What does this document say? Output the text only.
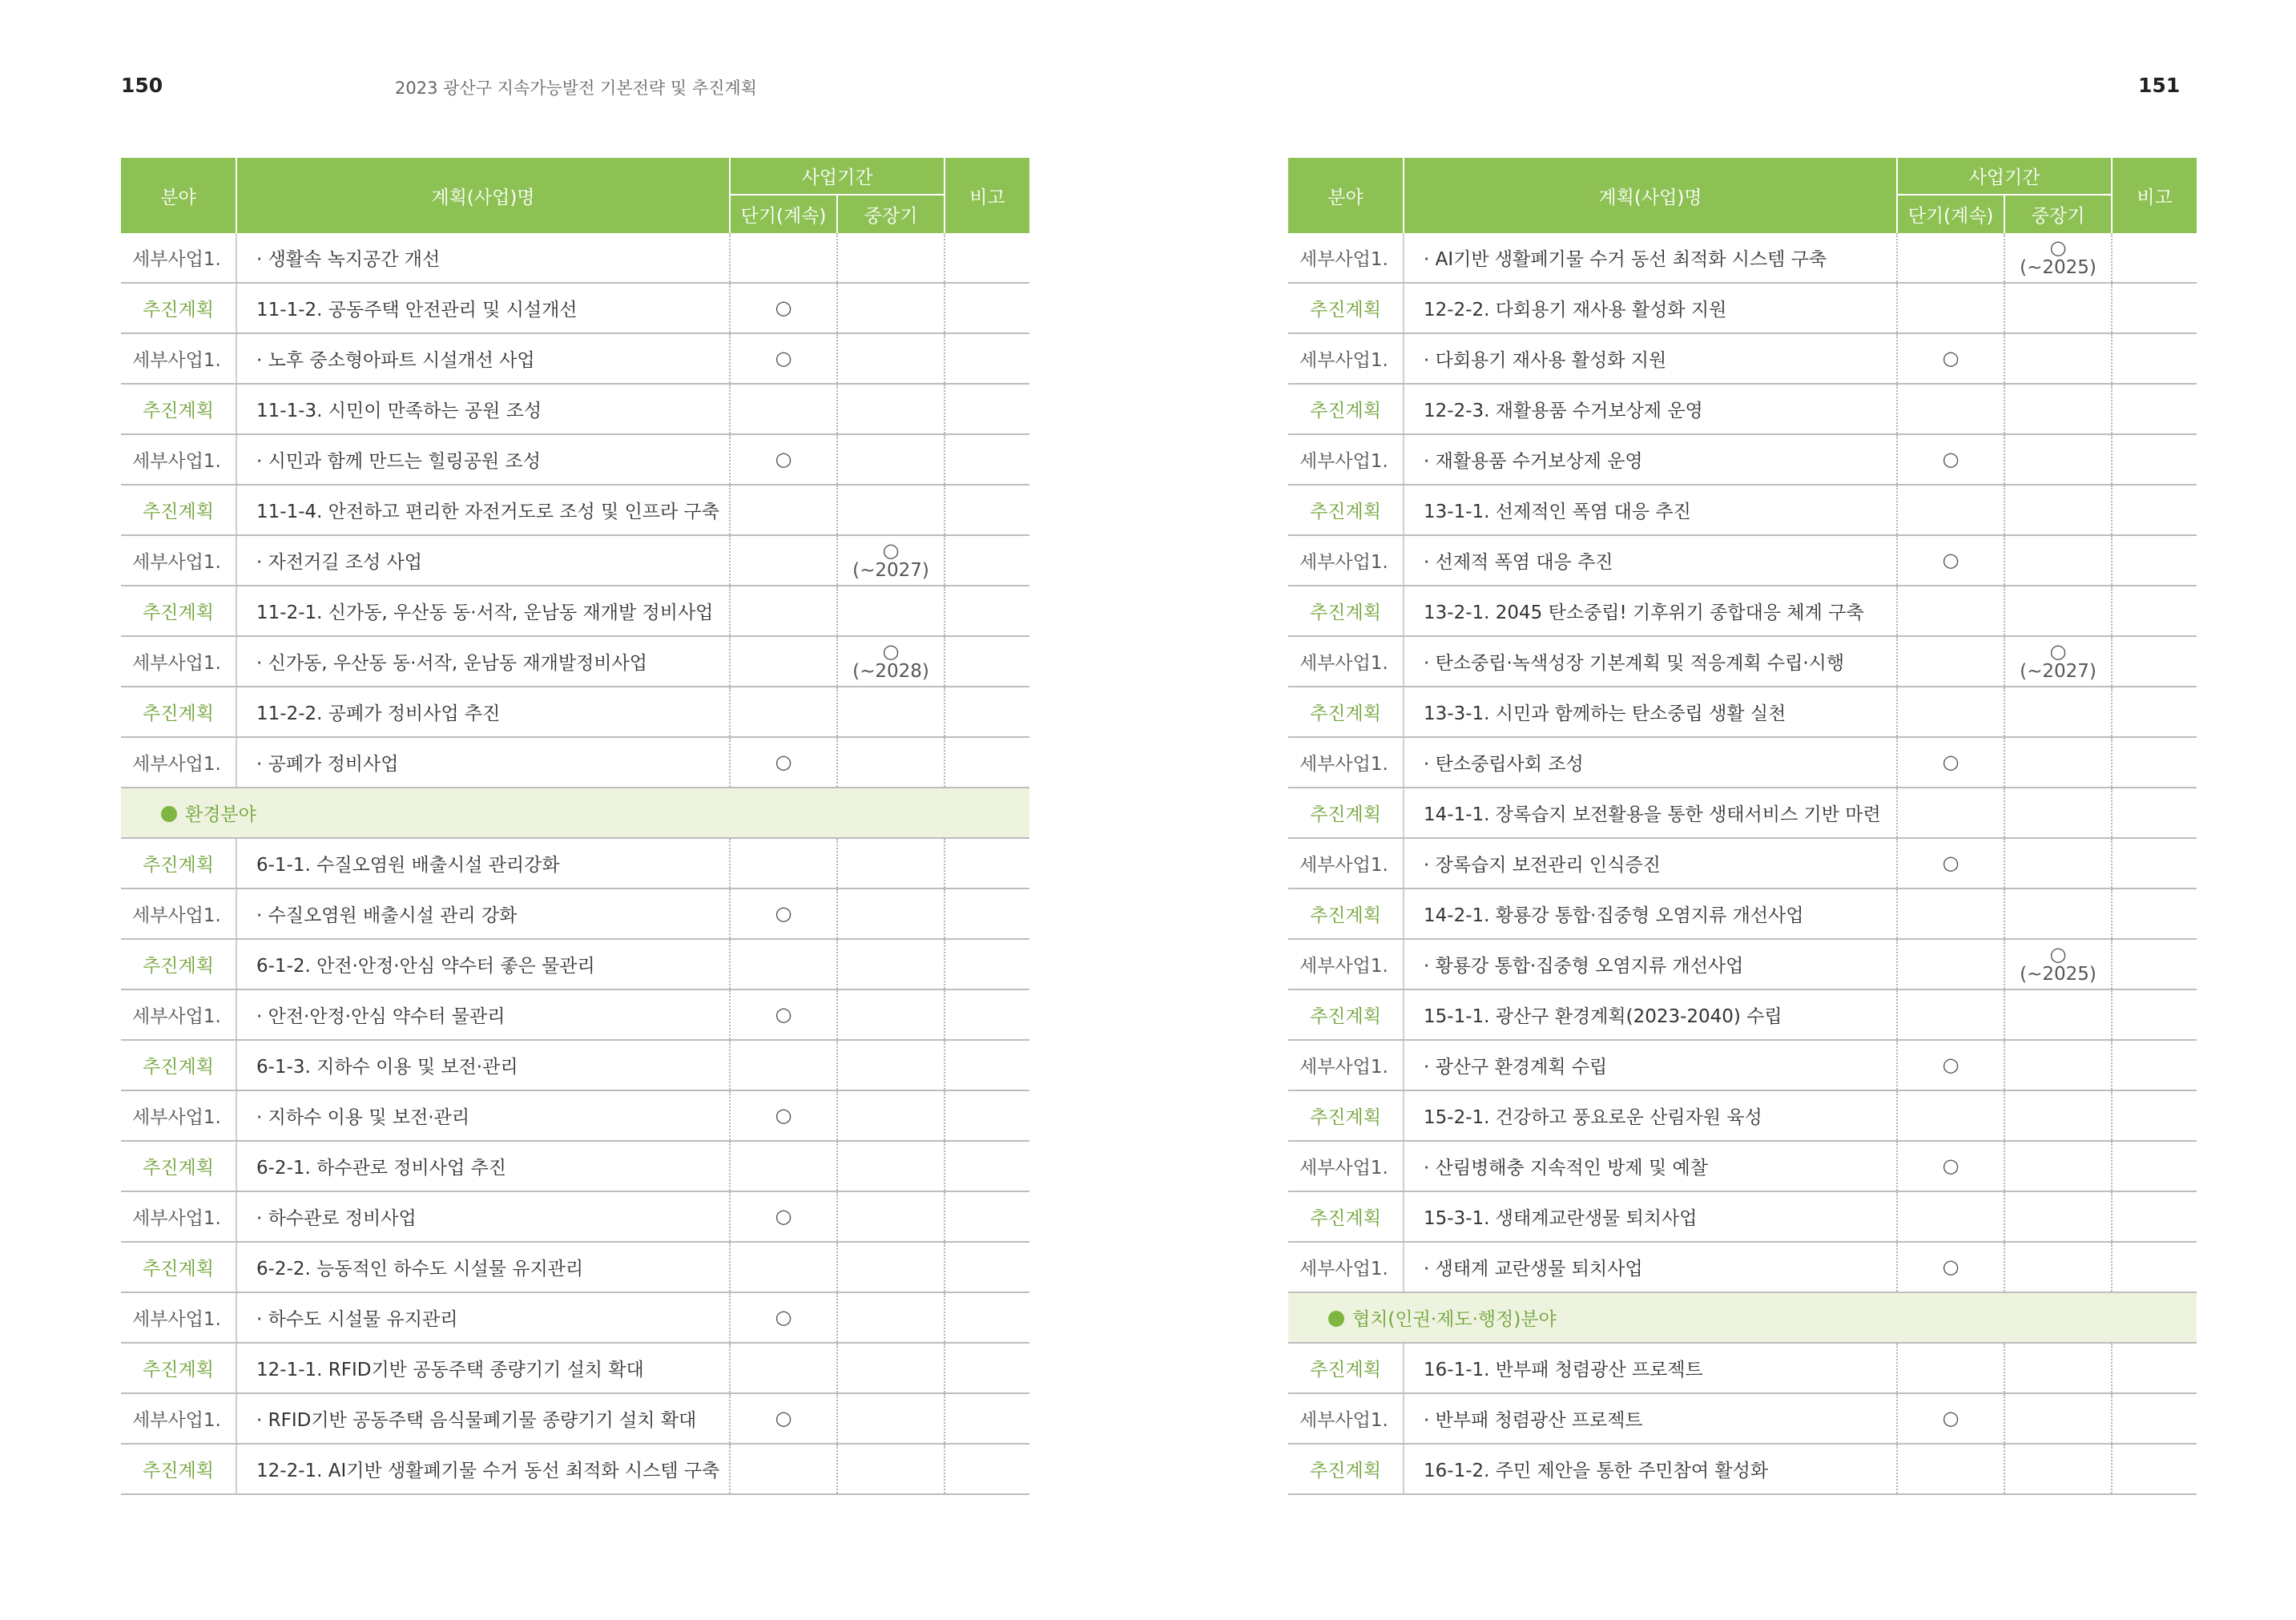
150	2023 광산구 지속가능발전 기본전략 및 추진계획	151
분야	계획(사업)명	사업기간		비고
		단기(계속)	중장기	
세부사업1.	· 생활속 녹지공간 개선		

추진계획	11-1-2. 공동주택 안전관리 및 시설개선	○	

세부사업1.	· 노후 중소형아파트 시설개선 사업	○	

추진계획	11-1-3. 시민이 만족하는 공원 조성		

세부사업1.	· 시민과 함께 만드는 힐링공원 조성	○	

추진계획	11-1-4. 안전하고 편리한 자전거도로 조성 및 인프라 구축		

세부사업1.	· 자전거길 조성 사업		○
(~2027)	

추진계획	11-2-1. 신가동, 우산동 동·서작, 운남동 재개발 정비사업		

세부사업1.	· 신가동, 우산동 동·서작, 운남동 재개발정비사업		○
(~2028)	

추진계획	11-2-2. 공폐가 정비사업 추진		

세부사업1.	· 공폐가 정비사업	○	

환경분야				
추진계획	6-1-1. 수질오염원 배출시설 관리강화		

세부사업1.	· 수질오염원 배출시설 관리 강화	○	

추진계획	6-1-2. 안전·안정·안심 약수터 좋은 물관리		

세부사업1.	· 안전·안정·안심 약수터 물관리	○	

추진계획	6-1-3. 지하수 이용 및 보전·관리		

세부사업1.	· 지하수 이용 및 보전·관리	○	

추진계획	6-2-1. 하수관로 정비사업 추진		

세부사업1.	· 하수관로 정비사업	○	

추진계획	6-2-2. 능동적인 하수도 시설물 유지관리		

세부사업1.	· 하수도 시설물 유지관리	○	

추진계획	12-1-1. RFID기반 공동주택 종량기기 설치 확대		

세부사업1.	· RFID기반 공동주택 음식물폐기물 종량기기 설치 확대	○	

추진계획	12-2-1. AI기반 생활폐기물 수거 동선 최적화 시스템 구축		

분야	계획(사업)명	사업기간		비고
		단기(계속)	중장기	
세부사업1.	· AI기반 생활폐기물 수거 동선 최적화 시스템 구축		○
(~2025)	

추진계획	12-2-2. 다회용기 재사용 활성화 지원		

세부사업1.	· 다회용기 재사용 활성화 지원	○	

추진계획	12-2-3. 재활용품 수거보상제 운영		

세부사업1.	· 재활용품 수거보상제 운영	○	

추진계획	13-1-1. 선제적인 폭염 대응 추진		

세부사업1.	· 선제적 폭염 대응 추진	○	

추진계획	13-2-1. 2045 탄소중립! 기후위기 종합대응 체계 구축		

세부사업1.	· 탄소중립·녹색성장 기본계획 및 적응계획 수립·시행		○
(~2027)	

추진계획	13-3-1. 시민과 함께하는 탄소중립 생활 실천		

세부사업1.	· 탄소중립사회 조성	○	

추진계획	14-1-1. 장록습지 보전활용을 통한 생태서비스 기반 마련		

세부사업1.	· 장록습지 보전관리 인식증진	○	

추진계획	14-2-1. 황룡강 통합·집중형 오염지류 개선사업		

세부사업1.	· 황룡강 통합·집중형 오염지류 개선사업		○
(~2025)	

추진계획	15-1-1. 광산구 환경계획(2023-2040) 수립		

세부사업1.	· 광산구 환경계획 수립	○	

추진계획	15-2-1. 건강하고 풍요로운 산림자원 육성		

세부사업1.	· 산림병해충 지속적인 방제 및 예찰	○	

추진계획	15-3-1. 생태계교란생물 퇴치사업		

세부사업1.	· 생태계 교란생물 퇴치사업	○	

협치(인권·제도·행정)분야				
추진계획	16-1-1. 반부패 청렴광산 프로젝트		

세부사업1.	· 반부패 청렴광산 프로젝트	○	

추진계획	16-1-2. 주민 제안을 통한 주민참여 활성화		
